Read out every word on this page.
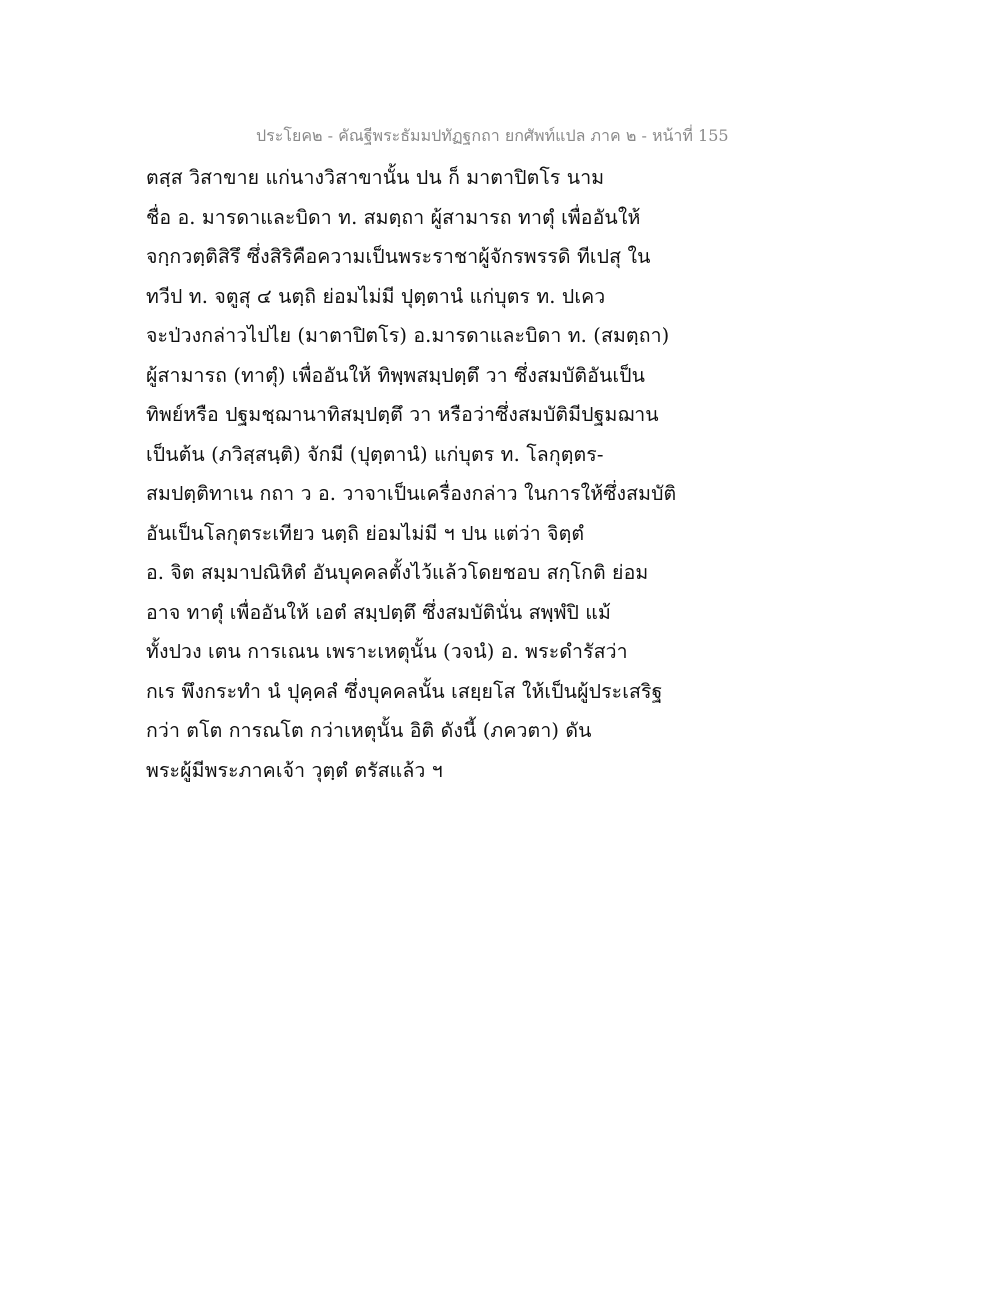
ประโยค๒ - คัณฐีพระธัมมปทัฏฐกถา ยกศัพท์แปล ภาค ๒ - หน้าที่ 155
ตสฺส วิสาขาย แก่นางวิสาขานั้น ปน ก็ มาตาปิตโร นาม
ชื่อ อ. มารดาและบิดา ท. สมตฺถา ผู้สามารถ ทาตุํ เพื่ออันให้
จกฺกวตฺติสิรึ ซึ่งสิริคือความเป็นพระราชาผู้จักรพรรดิ ทีเปสุ ใน
ทวีป ท. จตูสุ ๔ นตฺถิ ย่อมไม่มี ปุตฺตานํ แก่บุตร ท. ปเคว
จะป่วงกล่าวไปไย (มาตาปิตโร) อ.มารดาและบิดา ท. (สมตฺถา)
ผู้สามารถ (ทาตุํ) เพื่ออันให้ ทิพฺพสมฺปตฺตึ วา ซึ่งสมบัติอันเป็น
ทิพย์หรือ ปฐมชฺฌานาทิสมฺปตฺตึ วา หรือว่าซึ่งสมบัติมีปฐมฌาน
เป็นต้น (ภวิสฺสนฺติ) จักมี (ปุตฺตานํ) แก่บุตร ท. โลกุตฺตร-
สมปตฺติทาเน กถา ว อ. วาจาเป็นเครื่องกล่าว ในการให้ซึ่งสมบัติ
อันเป็นโลกุตระเทียว นตฺถิ ย่อมไม่มี ฯ ปน แต่ว่า จิตฺตํ
อ. จิต สมฺมาปณิหิตํ อันบุคคลตั้งไว้แล้วโดยชอบ สกฺโกติ ย่อม
อาจ ทาตุํ เพื่ออันให้ เอตํ สมฺปตฺตึ ซึ่งสมบัตินั่น สพฺพํปิ แม้
ทั้งปวง เตน การเณน เพราะเหตุนั้น (วจนํ) อ. พระดำรัสว่า
กเร พึงกระทำ นํ ปุคฺคลํ ซึ่งบุคคลนั้น เสยฺยโส ให้เป็นผู้ประเสริฐ
กว่า ตโต การณโต กว่าเหตุนั้น อิติ ดังนี้ (ภควตา) ดัน
พระผู้มีพระภาคเจ้า วุตฺตํ ตรัสแล้ว ฯ
